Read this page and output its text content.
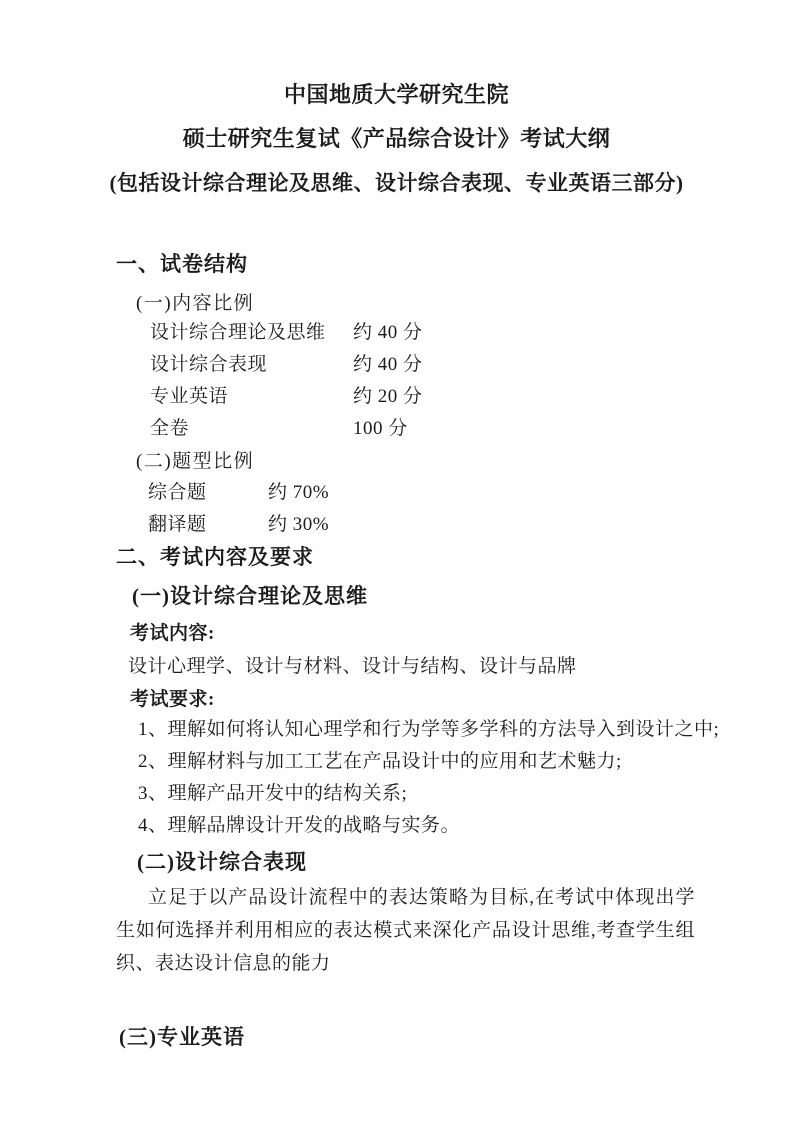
中国地质大学研究生院
硕士研究生复试《产品综合设计》考试大纲
(包括设计综合理论及思维、设计综合表现、专业英语三部分)
一、试卷结构
(一)内容比例
设计综合理论及思维	约 40 分
设计综合表现	约 40 分
专业英语	约 20 分
全卷	100 分
(二)题型比例
综合题	约 70%
翻译题	约 30%
二、考试内容及要求
(一)设计综合理论及思维
考试内容:
设计心理学、设计与材料、设计与结构、设计与品牌
考试要求:
1、理解如何将认知心理学和行为学等多学科的方法导入到设计之中;
2、理解材料与加工工艺在产品设计中的应用和艺术魅力;
3、理解产品开发中的结构关系;
4、理解品牌设计开发的战略与实务。
(二)设计综合表现
立足于以产品设计流程中的表达策略为目标,在考试中体现出学生如何选择并利用相应的表达模式来深化产品设计思维,考查学生组织、表达设计信息的能力
(三)专业英语
